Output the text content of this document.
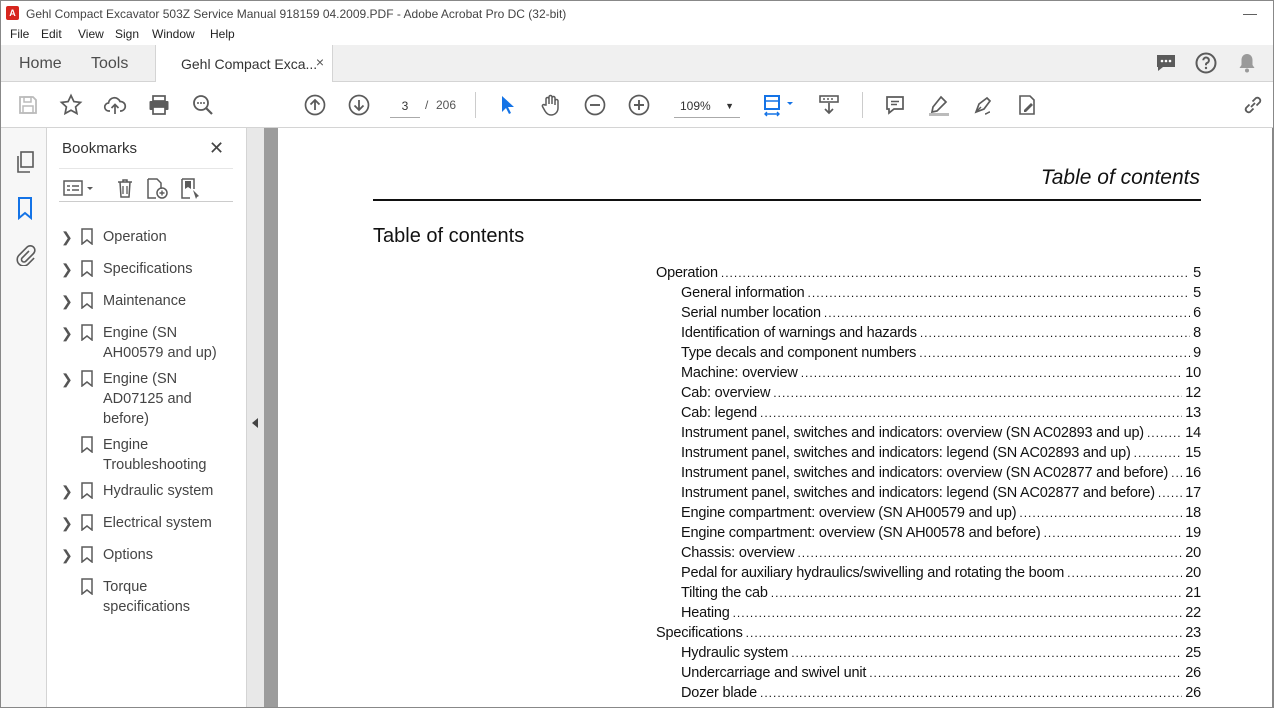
A Gehl Compact Excavator 503Z Service Manual 918159 04.2009.PDF - Adobe Acrobat Pro DC (32-bit)	—
File Edit View Sign Window Help
Home Tools	Gehl Compact Exca...
×
3	/ 206	109% ▼
Bookmarks	✕
❯ Operation
❯ Specifications
❯ Maintenance
❯ Engine (SN AH00579 and up)
❯ Engine (SN AD07125 and before)
Engine Troubleshooting
❯ Hydraulic system
❯ Electrical system
❯ Options
Torque specifications
Table of contents
Table of contents
Operation .....	5
General information .....	5
Serial number location .....	6
Identification of warnings and hazards .....	8
Type decals and component numbers .....	9
Machine: overview .....	10
Cab: overview .....	12
Cab: legend .....	13
Instrument panel, switches and indicators: overview (SN AC02893 and up) .....	14
Instrument panel, switches and indicators: legend (SN AC02893 and up) .....	15
Instrument panel, switches and indicators: overview (SN AC02877 and before) ..... 16
Instrument panel, switches and indicators: legend (SN AC02877 and before) ..... 17
Engine compartment: overview (SN AH00579 and up) .....	18
Engine compartment: overview (SN AH00578 and before) .....	19
Chassis: overview .....	20
Pedal for auxiliary hydraulics/swivelling and rotating the boom .....	20
Tilting the cab .....	21
Heating .....	22
Specifications .....	23
Hydraulic system .....	25
Undercarriage and swivel unit .....	26
Dozer blade .....	26
